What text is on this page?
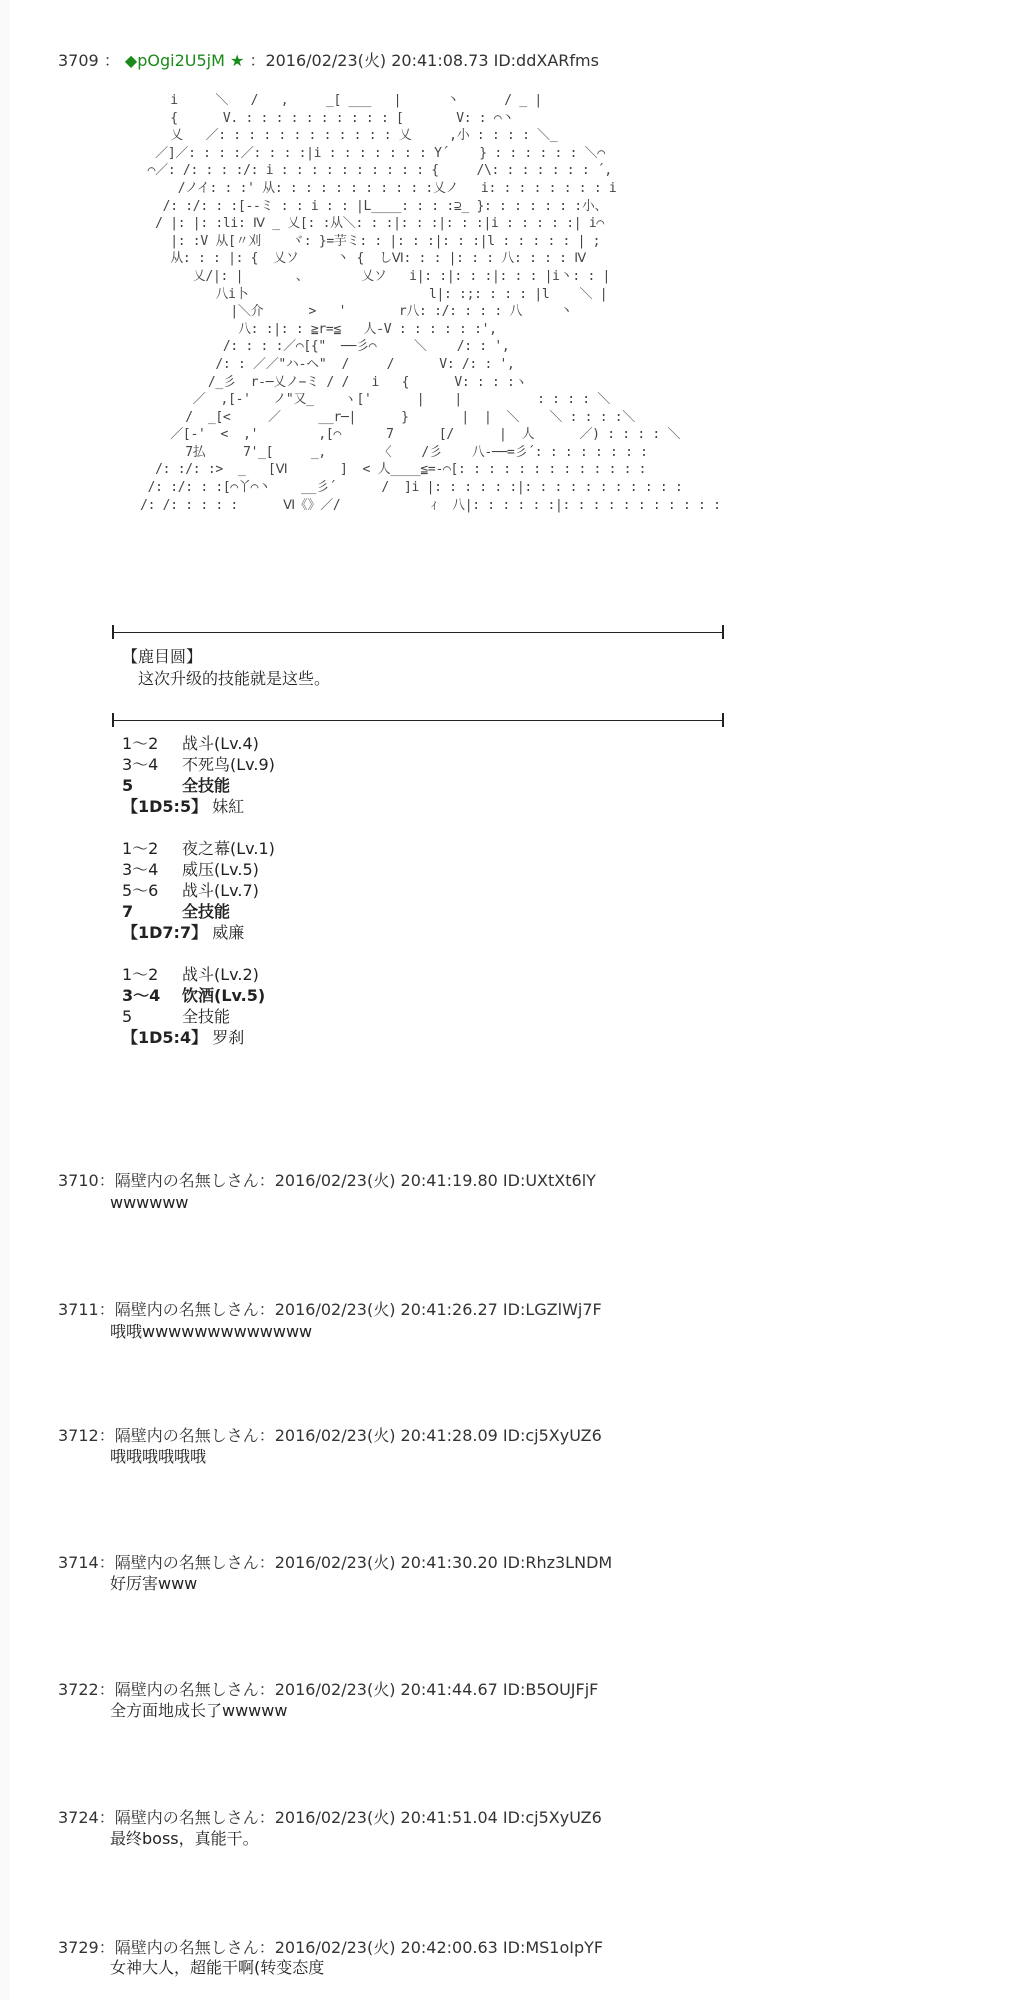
3709 ： ◆pOgi2U5jM ★ ：2016/02/23(火) 20:41:08.73 ID:ddXARfms
i     ＼   /   ,     _[ ___   |      丶      / _ |
{      V. : : : : : : : : : : [       V: : ⌒丶
乂   ／: : : : : : : : : : : : 乂     ,小 : : : : ＼_
／]／: : : :／: : : :|i : : : : : : : Y´    } : : : : : : ＼⌒
⌒／: /: : : :/: i : : : : : : : : : : {     /\: : : : : : : ´,
/ノイ: : :' 从: : : : : : : : : : :乂ノ   i: : : : : : : : i
/: :/: : :[--ミ : : i : : |L____: : : :⊇_ }: : : : : : :小、
/ |: |: :li: Ⅳ _ 乂[: :从＼: : :|: : :|: : :|i : : : : :| i⌒
|: :V 从[〃刈    ヾ: }=芋ミ: : |: : :|: : :|l : : : : : | ;
从: : : |: {  乂ソ     丶 {  しⅥ: : : |: : : 八: : : : Ⅳ
乂/|: |       、       乂ソ   i|: :|: : :|: : : |i丶: : |
八i卜                        l|: :;: : : : |l    ＼ |
|＼介      >   '       r八: :/: : : : 八     丶
八: :|: : ≧r=≦   人-V : : : : : :',
/: : : :／⌒[{"  ──彡⌒     ＼    /: : ',
/: : ／／"ハ-ヘ"  /     /      V: /: : ',
/_彡  r-─乂ノ−ミ / /   i   {      V: : : :ヽ
／  ,[-'   ノ"又_    ヽ['      |    |          : : : : ＼
/  _[<     ／     __r─|      }       |  |  ＼    ＼ : : : :＼
／[-'  <  ,'        ,[⌒      7      [/      |  人      ／) : : : : ＼
7払     7'_[     _,       〈    /彡    八-──=彡´: : : : : : : :
/: :/: :>  _   [Ⅵ       ]  < 人____≦=-⌒[: : : : : : : : : : : : :
/: :/: : :[⌒丫⌒丶    __彡´      /  ]i |: : : : : :|: : : : : : : : : : :
/: /: : : : :      Ⅵ《》／/            ｨ  八|: : : : : :|: : : : : : : : : : :
【鹿目圆】
　这次升级的技能就是这些。
1～2 战斗(Lv.4)
3～4 不死鸟(Lv.9)
5	全技能
【1D5:5】 妹紅
1～2 夜之幕(Lv.1)
3～4 威压(Lv.5)
5～6 战斗(Lv.7)
7	全技能
【1D7:7】 威廉
1～2 战斗(Lv.2)
3～4 饮酒(Lv.5)
5	全技能
【1D5:4】 罗刹
3710：隔壁内の名無しさん：2016/02/23(火) 20:41:19.80 ID:UXtXt6lY
wwwwww
3711：隔壁内の名無しさん：2016/02/23(火) 20:41:26.27 ID:LGZlWj7F
哦哦wwwwwwwwwwwww
3712：隔壁内の名無しさん：2016/02/23(火) 20:41:28.09 ID:cj5XyUZ6
哦哦哦哦哦哦
3714：隔壁内の名無しさん：2016/02/23(火) 20:41:30.20 ID:Rhz3LNDM
好厉害www
3722：隔壁内の名無しさん：2016/02/23(火) 20:41:44.67 ID:B5OUJFjF
全方面地成长了wwwww
3724：隔壁内の名無しさん：2016/02/23(火) 20:41:51.04 ID:cj5XyUZ6
最终boss，真能干。
3729：隔壁内の名無しさん：2016/02/23(火) 20:42:00.63 ID:MS1oIpYF
女神大人，超能干啊(转变态度
